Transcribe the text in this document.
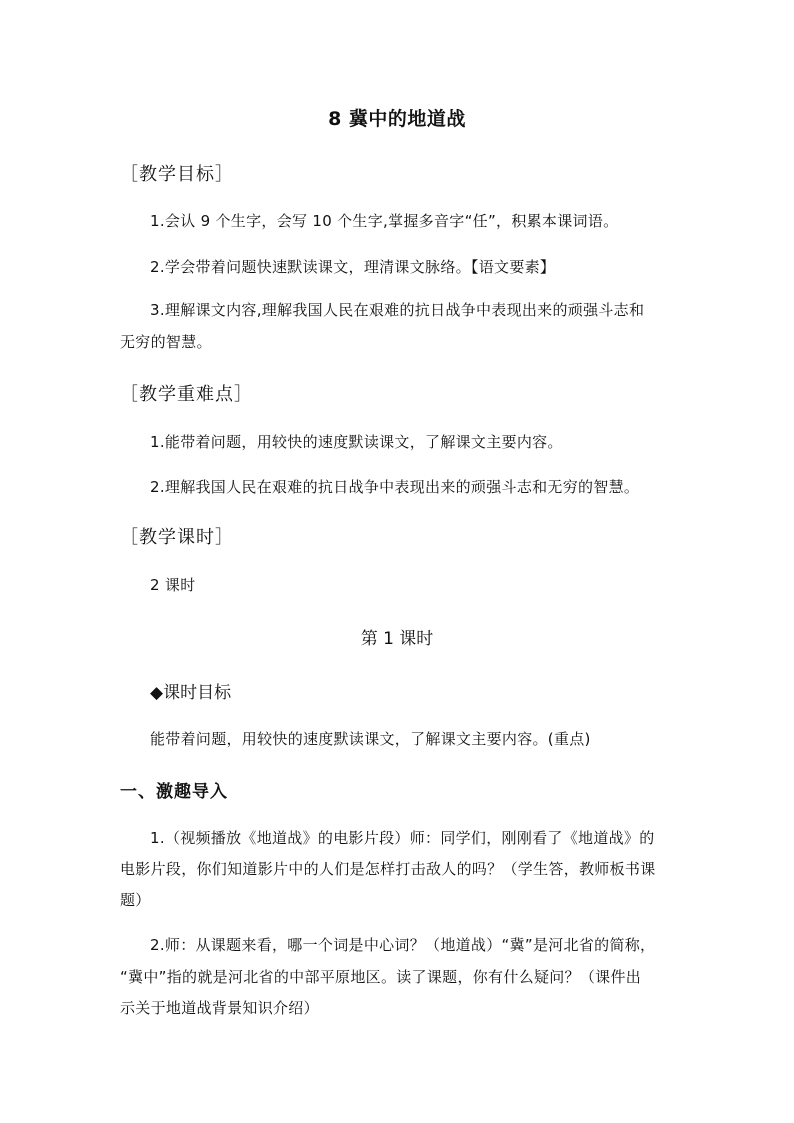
8 冀中的地道战
［教学目标］
1.会认 9 个生字，会写 10 个生字,掌握多音字“任”，积累本课词语。
2.学会带着问题快速默读课文，理清课文脉络。【语文要素】
3.理解课文内容,理解我国人民在艰难的抗日战争中表现出来的顽强斗志和
无穷的智慧。
［教学重难点］
1.能带着问题，用较快的速度默读课文，了解课文主要内容。
2.理解我国人民在艰难的抗日战争中表现出来的顽强斗志和无穷的智慧。
［教学课时］
2 课时
第 1 课时
◆课时目标
能带着问题，用较快的速度默读课文，了解课文主要内容。(重点)
一、激趣导入
1.（视频播放《地道战》的电影片段）师：同学们，刚刚看了《地道战》的
电影片段，你们知道影片中的人们是怎样打击敌人的吗？（学生答，教师板书课
题）
2.师：从课题来看，哪一个词是中心词？（地道战）“冀”是河北省的简称，
“冀中”指的就是河北省的中部平原地区。读了课题，你有什么疑问？（课件出
示关于地道战背景知识介绍）
